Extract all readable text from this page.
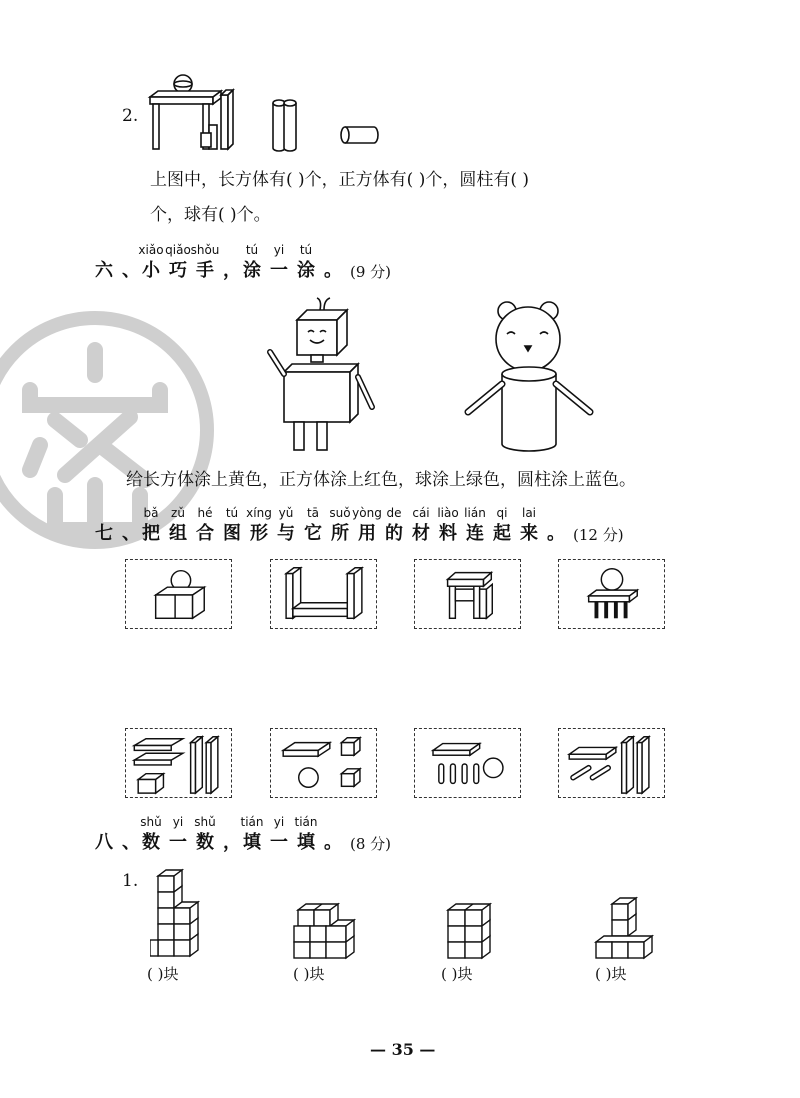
2.
上图中，长方体有( )个，正方体有( )个，圆柱有( )
个，球有( )个。
六 、 小
xiǎo
巧
qiǎo
手
shǒu
， 涂
tú
一
yi
涂
tú
。 (9 分)
给长方体涂上黄色，正方体涂上红色，球涂上绿色，圆柱涂上蓝色。
七 、 把
bǎ
组
zǔ
合
hé
图
tú
形
xíng
与
yǔ
它
tā
所
suǒ
用
yòng
的
de
材
cái
料
liào
连
lián
起
qi
来
lai
。 (12 分)
八 、 数
shǔ
一
yi
数
shǔ
， 填
tián
一
yi
填
tián
。 (8 分)
1.
( )块	( )块	( )块	( )块
— 35 —
